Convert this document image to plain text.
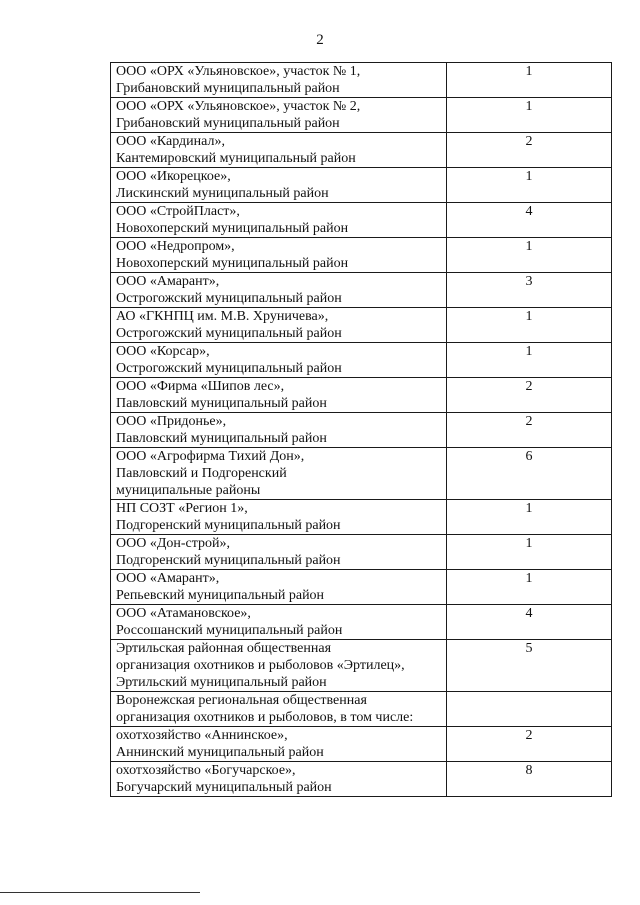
2
ООО «ОРХ «Ульяновское», участок № 1,
Грибановский муниципальный район	1

ООО «ОРХ «Ульяновское», участок № 2,
Грибановский муниципальный район	1

ООО «Кардинал»,
Кантемировский муниципальный район	2

ООО «Икорецкое»,
Лискинский муниципальный район	1

ООО «СтройПласт»,
Новохоперский муниципальный район	4

ООО «Недропром»,
Новохоперский муниципальный район	1

ООО «Амарант»,
Острогожский муниципальный район	3

АО «ГКНПЦ им. М.В. Хруничева»,
Острогожский муниципальный район	1

ООО «Корсар»,
Острогожский муниципальный район	1

ООО «Фирма «Шипов лес»,
Павловский муниципальный район	2

ООО «Придонье»,
Павловский муниципальный район	2

ООО «Агрофирма Тихий Дон»,
Павловский и Подгоренский
муниципальные районы	6

НП СОЗТ «Регион 1»,
Подгоренский муниципальный район	1

ООО «Дон-строй»,
Подгоренский муниципальный район	1

ООО «Амарант»,
Репьевский муниципальный район	1

ООО «Атамановское»,
Россошанский муниципальный район	4

Эртильская районная общественная
организация охотников и рыболовов «Эртилец»,
Эртильский муниципальный район	5

Воронежская региональная общественная
организация охотников и рыболовов, в том числе:	

охотхозяйство «Аннинское»,
Аннинский муниципальный район	2

охотхозяйство «Богучарское»,
Богучарский муниципальный район	8
